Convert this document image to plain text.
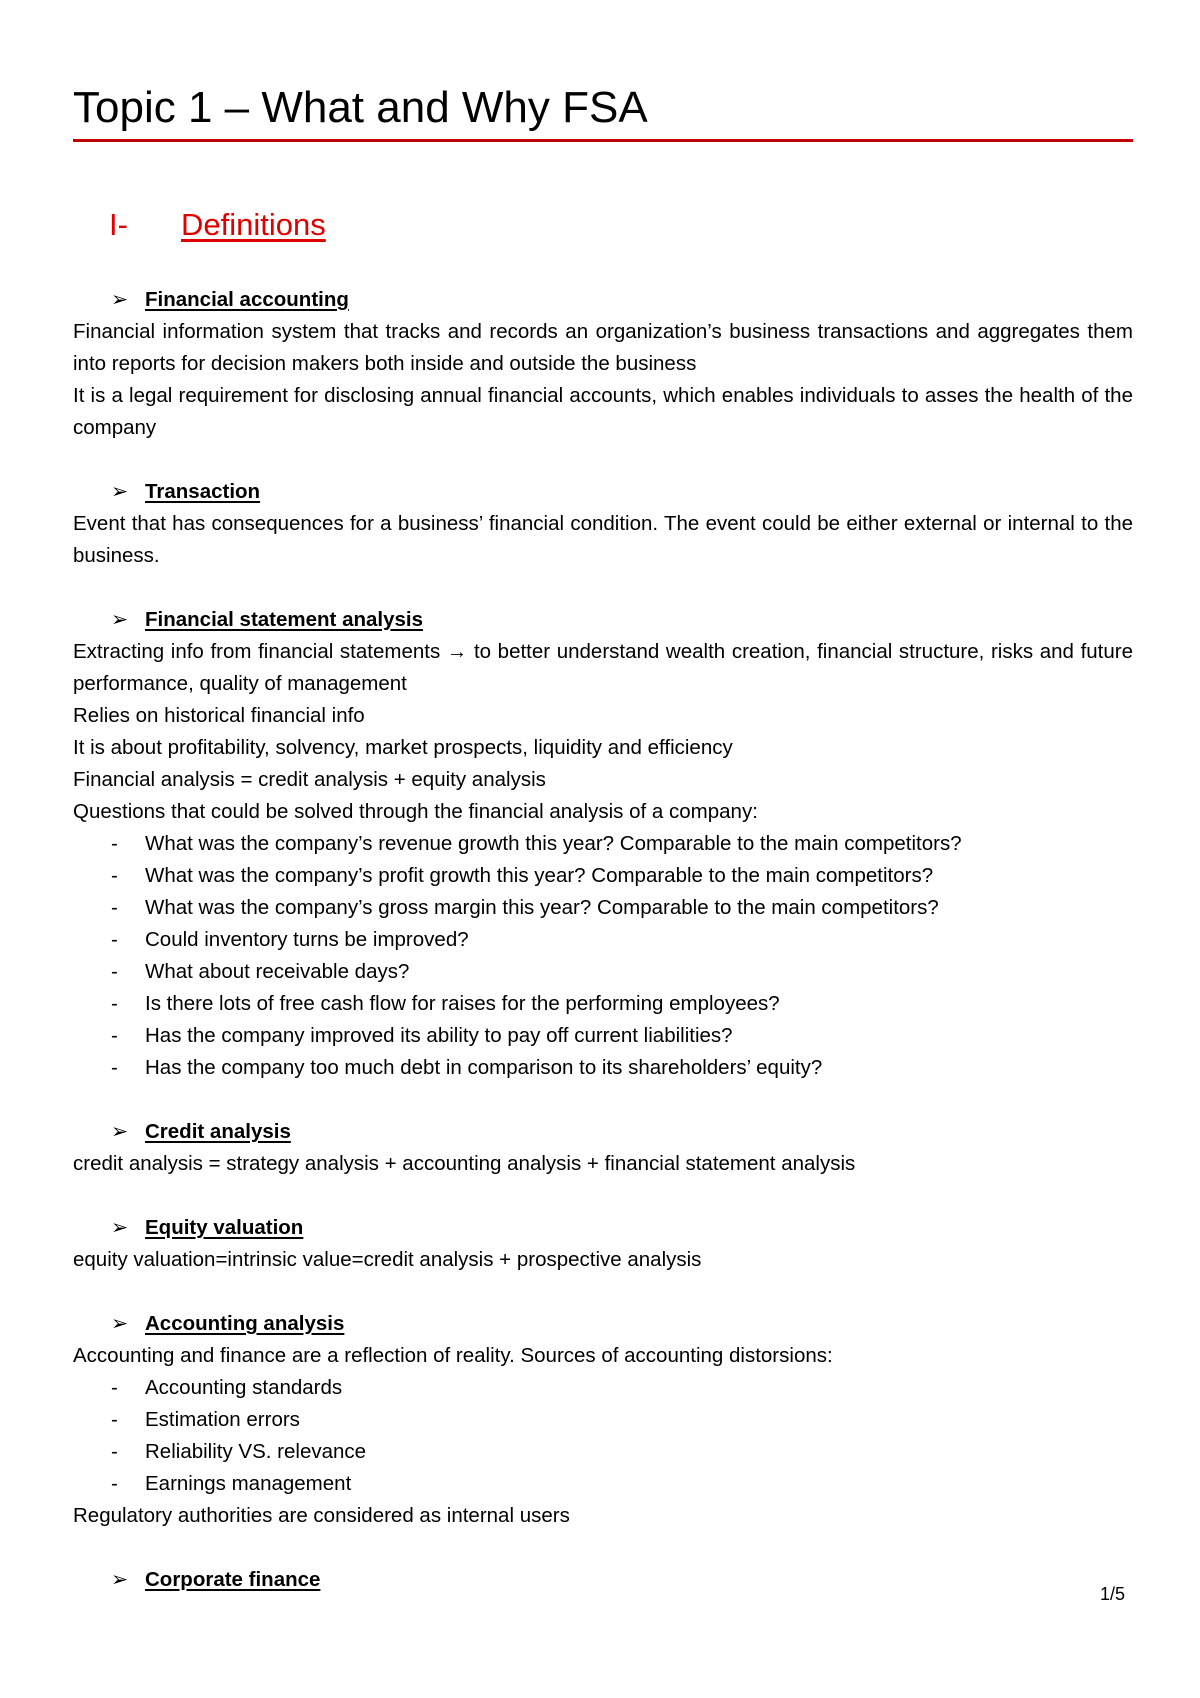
Topic 1 – What and Why FSA
I- Definitions
➢ Financial accounting

Financial information system that tracks and records an organization’s business transactions and aggregates them into reports for decision makers both inside and outside the business

It is a legal requirement for disclosing annual financial accounts, which enables individuals to asses the health of the company

➢ Transaction

Event that has consequences for a business’ financial condition. The event could be either external or internal to the business.

➢ Financial statement analysis

Extracting info from financial statements → to better understand wealth creation, financial structure, risks and future performance, quality of management

Relies on historical financial info

It is about profitability, solvency, market prospects, liquidity and efficiency

Financial analysis = credit analysis + equity analysis

Questions that could be solved through the financial analysis of a company:

- What was the company’s revenue growth this year? Comparable to the main competitors?
- What was the company’s profit growth this year? Comparable to the main competitors?
- What was the company’s gross margin this year? Comparable to the main competitors?
- Could inventory turns be improved?
- What about receivable days?
- Is there lots of free cash flow for raises for the performing employees?
- Has the company improved its ability to pay off current liabilities?
- Has the company too much debt in comparison to its shareholders’ equity?
➢ Credit analysis

credit analysis = strategy analysis + accounting analysis + financial statement analysis

➢ Equity valuation

equity valuation=intrinsic value=credit analysis + prospective analysis

➢ Accounting analysis

Accounting and finance are a reflection of reality. Sources of accounting distorsions:

- Accounting standards
- Estimation errors
- Reliability VS. relevance
- Earnings management

Regulatory authorities are considered as internal users

➢ Corporate finance
1/5
